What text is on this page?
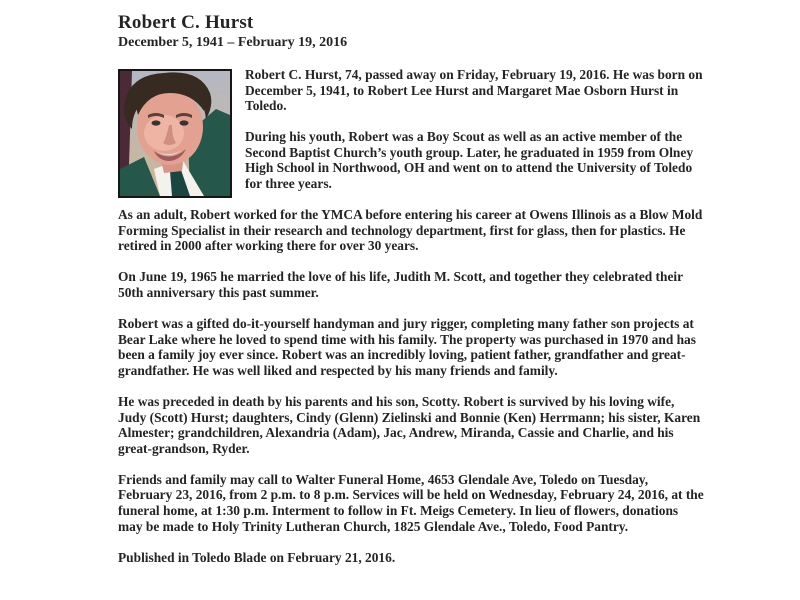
Robert C. Hurst
December 5, 1941 – February 19, 2016

Robert C. Hurst, 74, passed away on Friday, February 19, 2016. He was born on December 5, 1941, to Robert Lee Hurst and Margaret Mae Osborn Hurst in Toledo.

During his youth, Robert was a Boy Scout as well as an active member of the Second Baptist Church’s youth group. Later, he graduated in 1959 from Olney High School in Northwood, OH and went on to attend the University of Toledo for three years.

As an adult, Robert worked for the YMCA before entering his career at Owens Illinois as a Blow Mold Forming Specialist in their research and technology department, first for glass, then for plastics. He retired in 2000 after working there for over 30 years.

On June 19, 1965 he married the love of his life, Judith M. Scott, and together they celebrated their 50th anniversary this past summer.

Robert was a gifted do-it-yourself handyman and jury rigger, completing many father son projects at Bear Lake where he loved to spend time with his family. The property was purchased in 1970 and has been a family joy ever since. Robert was an incredibly loving, patient father, grandfather and great-grandfather. He was well liked and respected by his many friends and family.

He was preceded in death by his parents and his son, Scotty. Robert is survived by his loving wife, Judy (Scott) Hurst; daughters, Cindy (Glenn) Zielinski and Bonnie (Ken) Herrmann; his sister, Karen Almester; grandchildren, Alexandria (Adam), Jac, Andrew, Miranda, Cassie and Charlie, and his great-grandson, Ryder.

Friends and family may call to Walter Funeral Home, 4653 Glendale Ave, Toledo on Tuesday, February 23, 2016, from 2 p.m. to 8 p.m. Services will be held on Wednesday, February 24, 2016, at the funeral home, at 1:30 p.m. Interment to follow in Ft. Meigs Cemetery. In lieu of flowers, donations may be made to Holy Trinity Lutheran Church, 1825 Glendale Ave., Toledo, Food Pantry.

Published in Toledo Blade on February 21, 2016.
